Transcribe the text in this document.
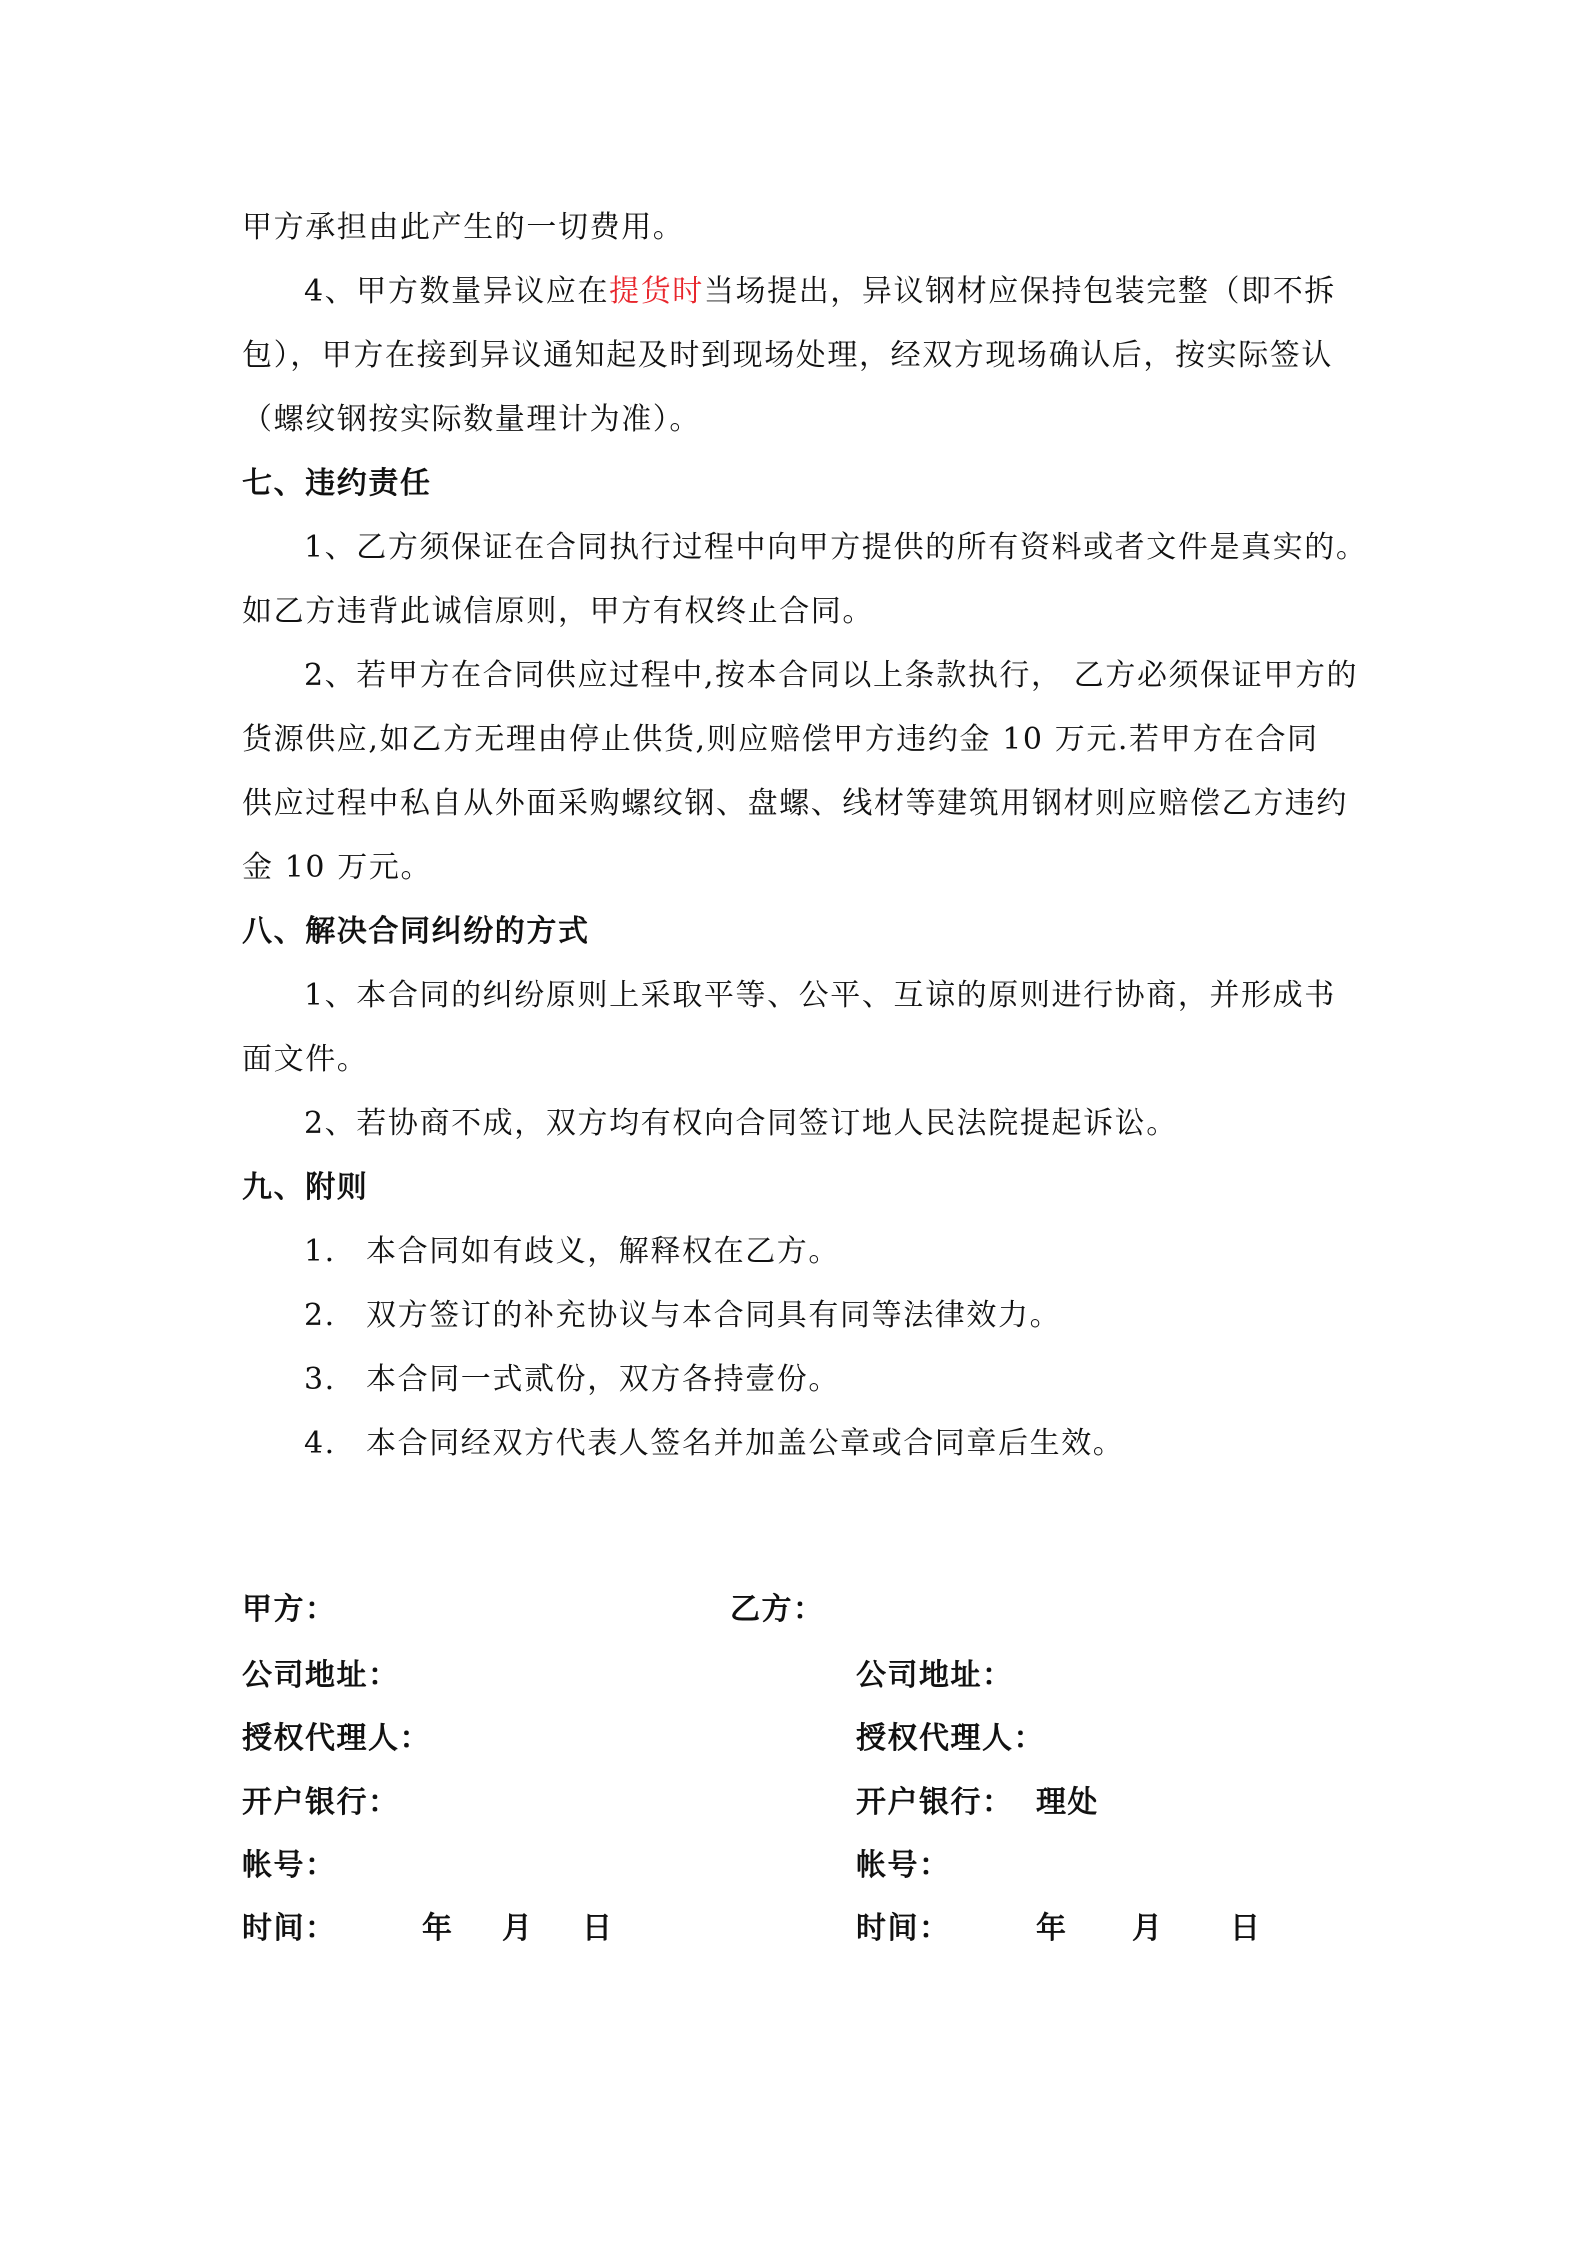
甲方承担由此产生的一切费用。
4、甲方数量异议应在提货时当场提出，异议钢材应保持包装完整（即不拆
包），甲方在接到异议通知起及时到现场处理，经双方现场确认后，按实际签认
（螺纹钢按实际数量理计为准）。
七、违约责任
1、乙方须保证在合同执行过程中向甲方提供的所有资料或者文件是真实的。
如乙方违背此诚信原则，甲方有权终止合同。
2、若甲方在合同供应过程中,按本合同以上条款执行， 乙方必须保证甲方的
货源供应,如乙方无理由停止供货,则应赔偿甲方违约金 10 万元.若甲方在合同
供应过程中私自从外面采购螺纹钢、盘螺、线材等建筑用钢材则应赔偿乙方违约
金 10 万元。
八、解决合同纠纷的方式
1、本合同的纠纷原则上采取平等、公平、互谅的原则进行协商，并形成书
面文件。
2、若协商不成，双方均有权向合同签订地人民法院提起诉讼。
九、附则
1. 本合同如有歧义，解释权在乙方。
2. 双方签订的补充协议与本合同具有同等法律效力。
3. 本合同一式贰份，双方各持壹份。
4. 本合同经双方代表人签名并加盖公章或合同章后生效。
甲方：	乙方：
公司地址：	公司地址：
授权代理人：	授权代理人：
开户银行：	开户银行： 理处
帐号：	帐号：
时间：	年 月 日	时间：	年 月 日
